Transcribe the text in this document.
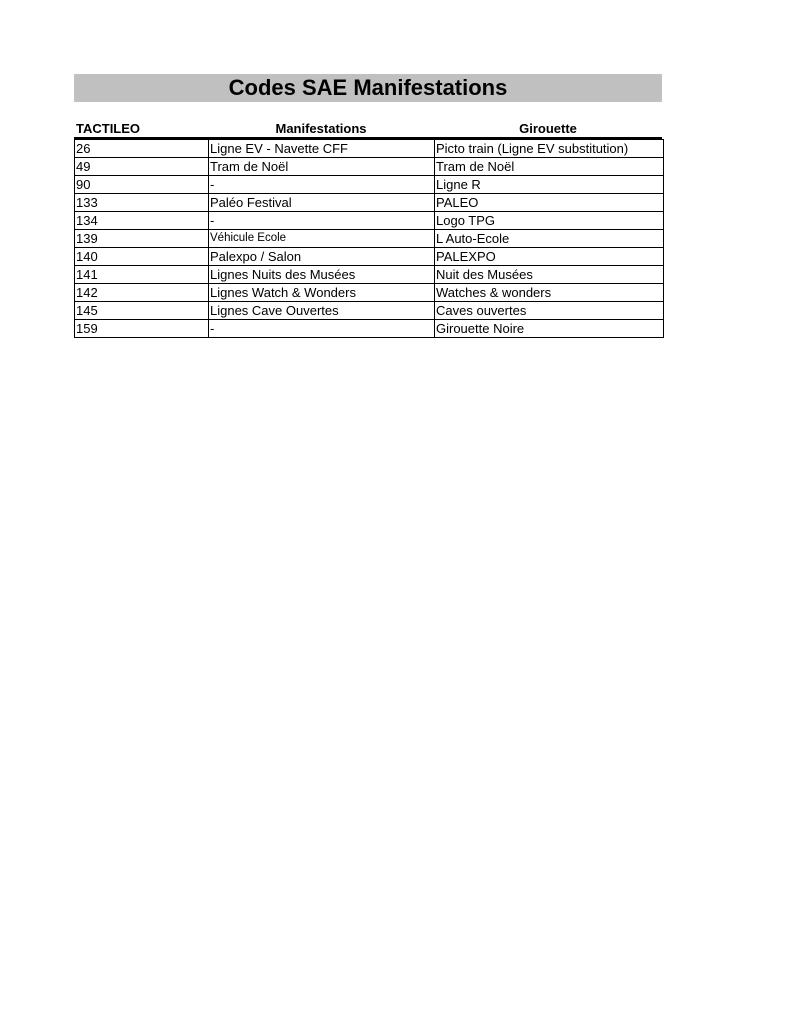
Codes SAE Manifestations
TACTILEO	Manifestations	Girouette
26	Ligne EV - Navette CFF	Picto train (Ligne EV substitution)
49	Tram de Noël	Tram de Noël
90	-	Ligne R
133	Paléo Festival	PALEO
134	-	Logo TPG
139	Véhicule Ecole	L Auto-Ecole
140	Palexpo / Salon	PALEXPO
141	Lignes Nuits des Musées	Nuit des Musées
142	Lignes Watch & Wonders	Watches & wonders
145	Lignes Cave Ouvertes	Caves ouvertes
159	-	Girouette Noire
